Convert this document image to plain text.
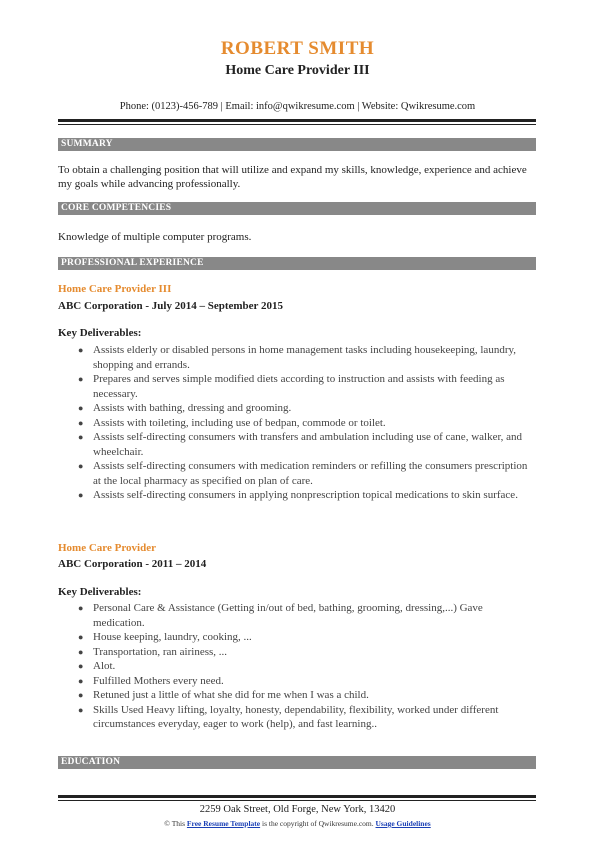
ROBERT SMITH
Home Care Provider III
Phone: (0123)-456-789 | Email: info@qwikresume.com | Website: Qwikresume.com
SUMMARY
To obtain a challenging position that will utilize and expand my skills, knowledge, experience and achieve my goals while advancing professionally.
CORE COMPETENCIES
Knowledge of multiple computer programs.
PROFESSIONAL EXPERIENCE
Home Care Provider III
ABC Corporation - July 2014 – September 2015
Key Deliverables:
● Assists elderly or disabled persons in home management tasks including housekeeping, laundry, shopping and errands.
● Prepares and serves simple modified diets according to instruction and assists with feeding as necessary.
● Assists with bathing, dressing and grooming.
● Assists with toileting, including use of bedpan, commode or toilet.
● Assists self-directing consumers with transfers and ambulation including use of cane, walker, and wheelchair.
● Assists self-directing consumers with medication reminders or refilling the consumers prescription at the local pharmacy as specified on plan of care.
● Assists self-directing consumers in applying nonprescription topical medications to skin surface.
Home Care Provider
ABC Corporation - 2011 – 2014
Key Deliverables:
● Personal Care & Assistance (Getting in/out of bed, bathing, grooming, dressing,...) Gave medication.
● House keeping, laundry, cooking, ...
● Transportation, ran airiness, ...
● Alot.
● Fulfilled Mothers every need.
● Retuned just a little of what she did for me when I was a child.
● Skills Used Heavy lifting, loyalty, honesty, dependability, flexibility, worked under different circumstances everyday, eager to work (help), and fast learning..
EDUCATION
2259 Oak Street, Old Forge, New York, 13420
© This Free Resume Template is the copyright of Qwikresume.com. Usage Guidelines
